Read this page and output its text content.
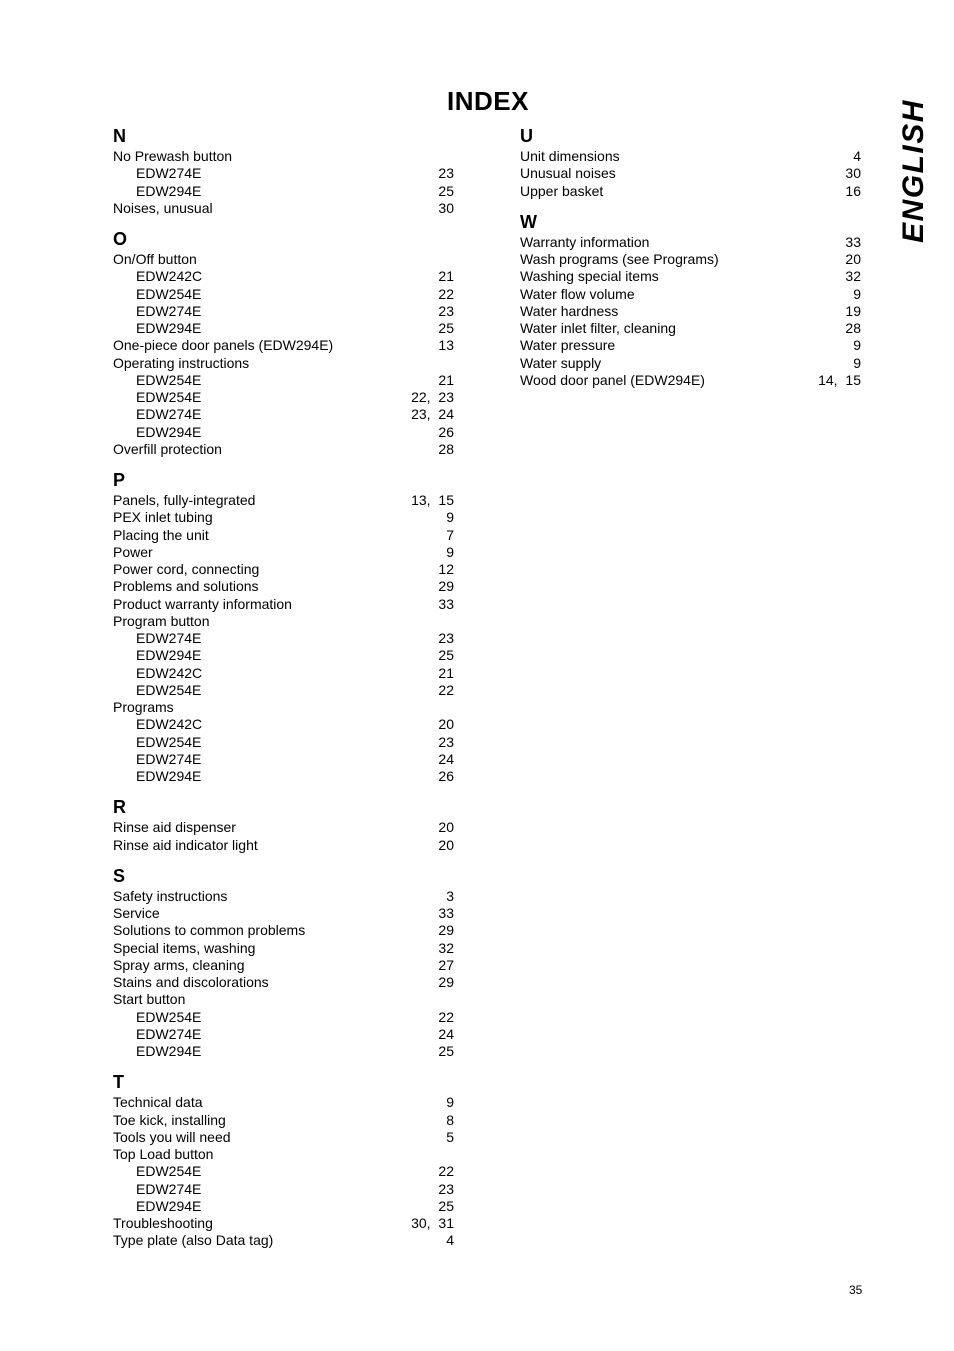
INDEX	ENGLISH
N
No Prewash button
EDW274E	23
EDW294E	25
Noises, unusual	30
O
On/Off button
EDW242C	21
EDW254E	22
EDW274E	23
EDW294E	25
One-piece door panels (EDW294E)	13
Operating instructions
EDW254E	21
EDW254E	22, 23
EDW274E	23, 24
EDW294E	26
Overfill protection	28
P
Panels, fully-integrated	13, 15
PEX inlet tubing	9
Placing the unit	7
Power	9
Power cord, connecting	12
Problems and solutions	29
Product warranty information	33
Program button
EDW274E	23
EDW294E	25
EDW242C	21
EDW254E	22
Programs
EDW242C	20
EDW254E	23
EDW274E	24
EDW294E	26
R
Rinse aid dispenser	20
Rinse aid indicator light	20
S
Safety instructions	3
Service	33
Solutions to common problems	29
Special items, washing	32
Spray arms, cleaning	27
Stains and discolorations	29
Start button
EDW254E	22
EDW274E	24
EDW294E	25
T
Technical data	9
Toe kick, installing	8
Tools you will need	5
Top Load button
EDW254E	22
EDW274E	23
EDW294E	25
Troubleshooting	30, 31
Type plate (also Data tag)	4
U
Unit dimensions	4
Unusual noises	30
Upper basket	16
W
Warranty information	33
Wash programs (see Programs)	20
Washing special items	32
Water flow volume	9
Water hardness	19
Water inlet filter, cleaning	28
Water pressure	9
Water supply	9
Wood door panel (EDW294E)	14, 15
35
